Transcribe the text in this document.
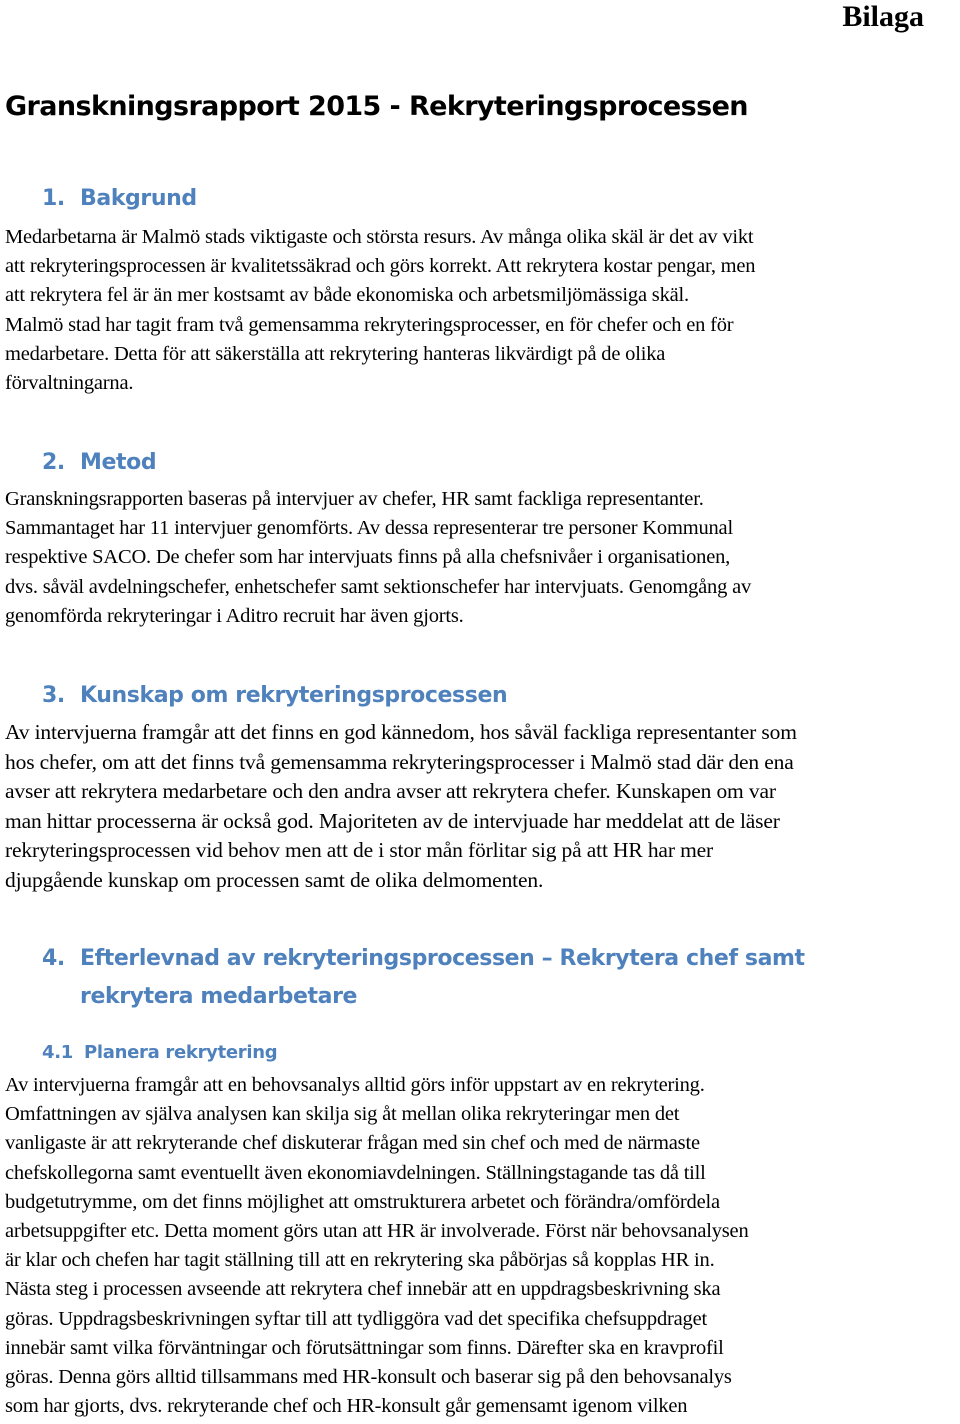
Bilaga
Granskningsrapport 2015 - Rekryteringsprocessen
1. Bakgrund

Medarbetarna är Malmö stads viktigaste och största resurs. Av många olika skäl är det av vikt
att rekryteringsprocessen är kvalitetssäkrad och görs korrekt. Att rekrytera kostar pengar, men
att rekrytera fel är än mer kostsamt av både ekonomiska och arbetsmiljömässiga skäl.
Malmö stad har tagit fram två gemensamma rekryteringsprocesser, en för chefer och en för
medarbetare. Detta för att säkerställa att rekrytering hanteras likvärdigt på de olika
förvaltningarna.

2. Metod

Granskningsrapporten baseras på intervjuer av chefer, HR samt fackliga representanter.
Sammantaget har 11 intervjuer genomförts. Av dessa representerar tre personer Kommunal
respektive SACO. De chefer som har intervjuats finns på alla chefsnivåer i organisationen,
dvs. såväl avdelningschefer, enhetschefer samt sektionschefer har intervjuats. Genomgång av
genomförda rekryteringar i Aditro recruit har även gjorts.

3. Kunskap om rekryteringsprocessen

Av intervjuerna framgår att det finns en god kännedom, hos såväl fackliga representanter som
hos chefer, om att det finns två gemensamma rekryteringsprocesser i Malmö stad där den ena
avser att rekrytera medarbetare och den andra avser att rekrytera chefer. Kunskapen om var
man hittar processerna är också god. Majoriteten av de intervjuade har meddelat att de läser
rekryteringsprocessen vid behov men att de i stor mån förlitar sig på att HR har mer
djupgående kunskap om processen samt de olika delmomenten.

4. Efterlevnad av rekryteringsprocessen – Rekrytera chef samt
rekrytera medarbetare
4.1 Planera rekrytering

Av intervjuerna framgår att en behovsanalys alltid görs inför uppstart av en rekrytering.
Omfattningen av själva analysen kan skilja sig åt mellan olika rekryteringar men det
vanligaste är att rekryterande chef diskuterar frågan med sin chef och med de närmaste
chefskollegorna samt eventuellt även ekonomiavdelningen. Ställningstagande tas då till
budgetutrymme, om det finns möjlighet att omstrukturera arbetet och förändra/omfördela
arbetsuppgifter etc. Detta moment görs utan att HR är involverade. Först när behovsanalysen
är klar och chefen har tagit ställning till att en rekrytering ska påbörjas så kopplas HR in.
Nästa steg i processen avseende att rekrytera chef innebär att en uppdragsbeskrivning ska
göras. Uppdragsbeskrivningen syftar till att tydliggöra vad det specifika chefsuppdraget
innebär samt vilka förväntningar och förutsättningar som finns. Därefter ska en kravprofil
göras. Denna görs alltid tillsammans med HR-konsult och baserar sig på den behovsanalys
som har gjorts, dvs. rekryterande chef och HR-konsult går gemensamt igenom vilken
